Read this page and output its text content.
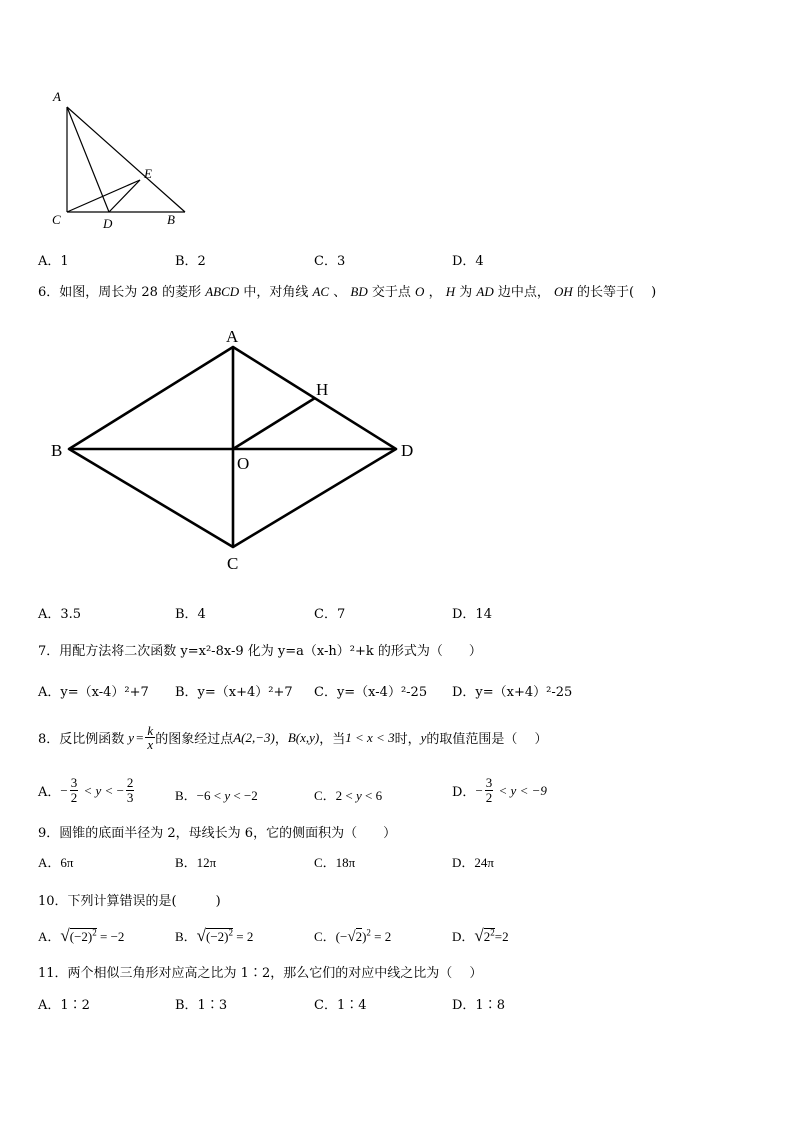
A
C	D
E
B
A．1	B．2	C．3	D．4
6．如图，周长为 28 的菱形 ABCD 中，对角线 AC 、 BD 交于点 O ， H 为 AD 边中点， OH 的长等于(　 )
A
B
C
D
H
O
A．3.5	B．4	C．7	D．14
7．用配方法将二次函数 y=x²-8x-9 化为 y=a（x-h）²+k 的形式为（　　）
A．y=（x-4）²+7 B．y=（x+4）²+7 C．y=（x-4）²-25 D．y=（x+4）²-25
8．反比例函数 $y = \frac{k}{x}$ 的图象经过点 A(2,−3) ， B(x,y) ，当 1 < x < 3 时， y 的取值范围是（　 ）
A． − $\frac{3}{2} < y$ < − $\frac{2}{3}$	B．−6 < y < −2	C．2 < y < 6	D． − $\frac{3}{2} < y < -9$
9．圆锥的底面半径为 2，母线长为 6，它的侧面积为（　　）
A．6π	B．12π	C．18π	D．24π
10．下列计算错误的是(　　　)
A．$√(-2)^2 = -2$	B．$√(-2)^2 = 2$	C．$(-√2)^2 = 2$	D．$√2^2=2$
11．两个相似三角形对应高之比为 1∶2，那么它们的对应中线之比为（　 ）
A．1∶2	B．1∶3	C．1∶4	D．1∶8
